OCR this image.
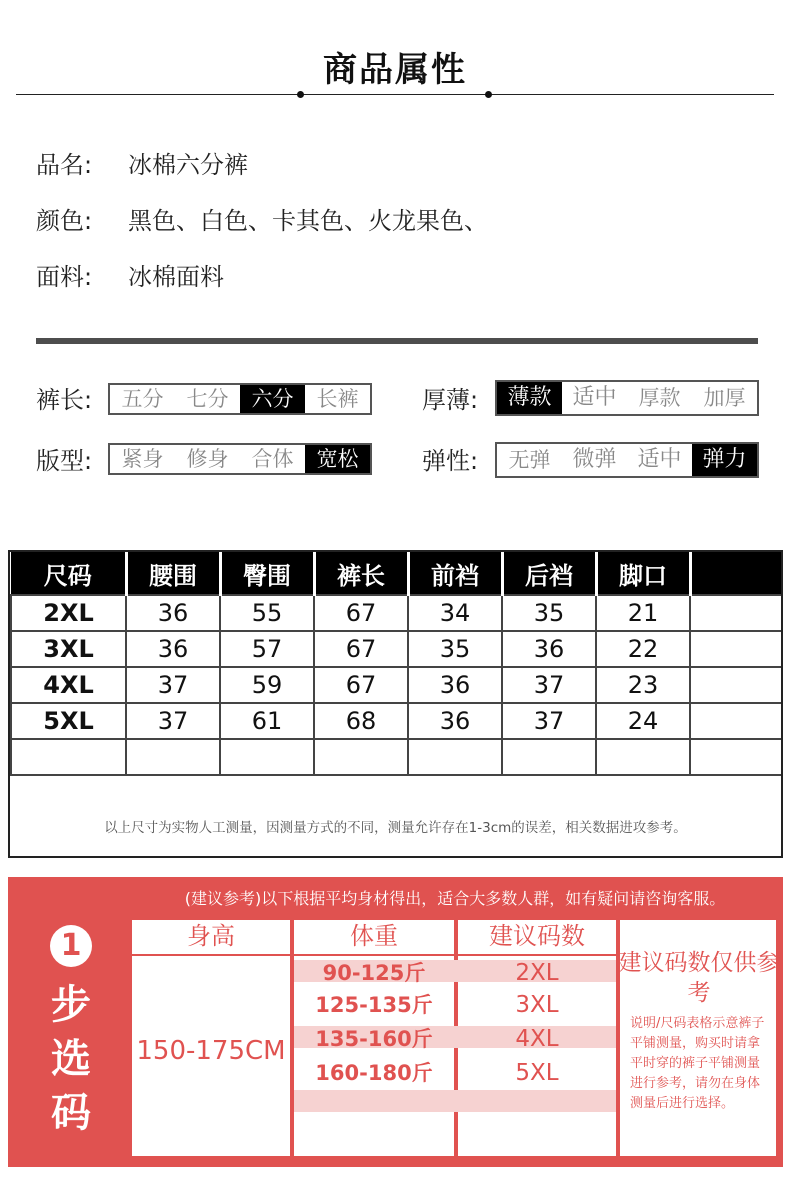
商品属性
品名: 冰棉六分裤
颜色: 黑色、白色、卡其色、火龙果色、
面料: 冰棉面料
裤长:	五分	七分	六分	长裤	厚薄:	薄款 适中	厚款	加厚
版型:	紧身	修身	合体	宽松	弹性:	无弹 微弹 适中 弹力
尺码	腰围	臀围	裤长	前裆	后裆	脚口	
2XL	36	55	67	34	35	21	
3XL	36	57	67	35	36	22	
4XL	37	59	67	36	37	23	
5XL	37	61	68	36	37	24	

以上尺寸为实物人工测量，因测量方式的不同，测量允许存在1-3cm的误差，相关数据进攻参考。
1
步选码
(建议参考)以下根据平均身材得出，适合大多数人群，如有疑问请咨询客服。
身高	体重	建议码数
150-175CM
90-125斤	2XL
125-135斤	3XL
135-160斤	4XL
160-180斤	5XL
建议码数仅供参考
说明/尺码表格示意裤子平铺测量，购买时请拿平时穿的裤子平铺测量进行参考，请勿在身体测量后进行选择。
